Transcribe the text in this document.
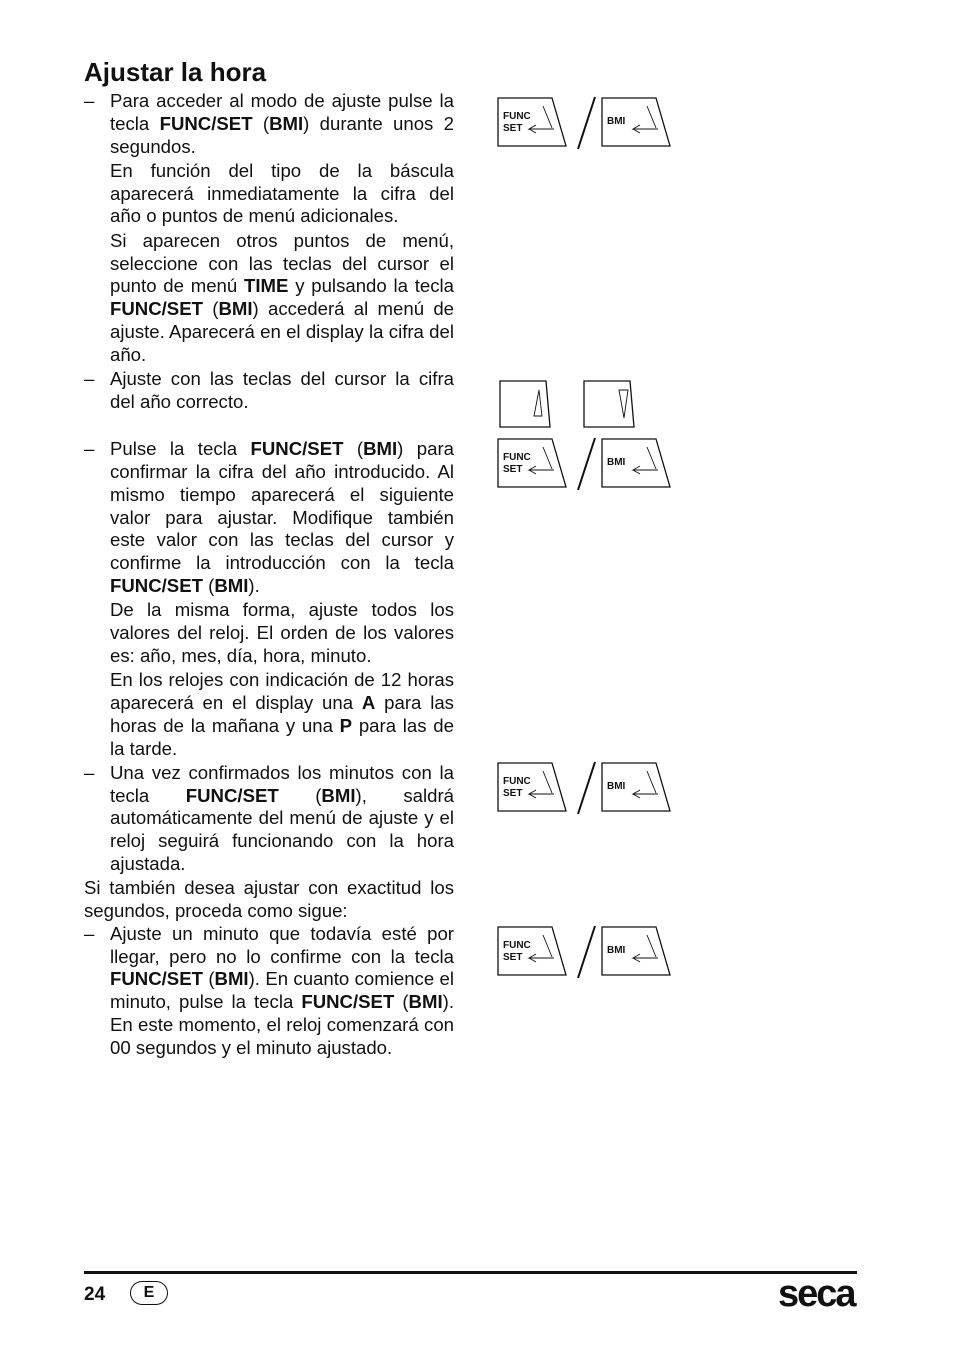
Ajustar la hora
– Para acceder al modo de ajuste pulse la tecla FUNC/SET (BMI) durante unos 2 segundos.

En función del tipo de la báscula aparecerá inmediatamente la cifra del año o puntos de menú adicionales.

Si aparecen otros puntos de menú, seleccione con las teclas del cursor el punto de menú TIME y pulsando la tecla FUNC/SET (BMI) accederá al menú de ajuste. Aparecerá en el display la cifra del año.

– Ajuste con las teclas del cursor la cifra del año correcto.

– Pulse la tecla FUNC/SET (BMI) para confirmar la cifra del año introducido. Al mismo tiempo aparecerá el siguiente valor para ajustar. Modifique también este valor con las teclas del cursor y confirme la introducción con la tecla FUNC/SET (BMI).

De la misma forma, ajuste todos los valores del reloj. El orden de los valores es: año, mes, día, hora, minuto.

En los relojes con indicación de 12 horas aparecerá en el display una A para las horas de la mañana y una P para las de la tarde.

– Una vez confirmados los minutos con la tecla FUNC/SET (BMI), saldrá automáticamente del menú de ajuste y el reloj seguirá funcionando con la hora ajustada.

Si también desea ajustar con exactitud los segundos, proceda como sigue:

– Ajuste un minuto que todavía esté por llegar, pero no lo confirme con la tecla FUNC/SET (BMI). En cuanto comience el minuto, pulse la tecla FUNC/SET (BMI). En este momento, el reloj comenzará con 00 segundos y el minuto ajustado.

FUNC
SET
BMI
FUNC
SET
BMI
FUNC
SET
BMI
FUNC
SET
BMI
24	E	seca
